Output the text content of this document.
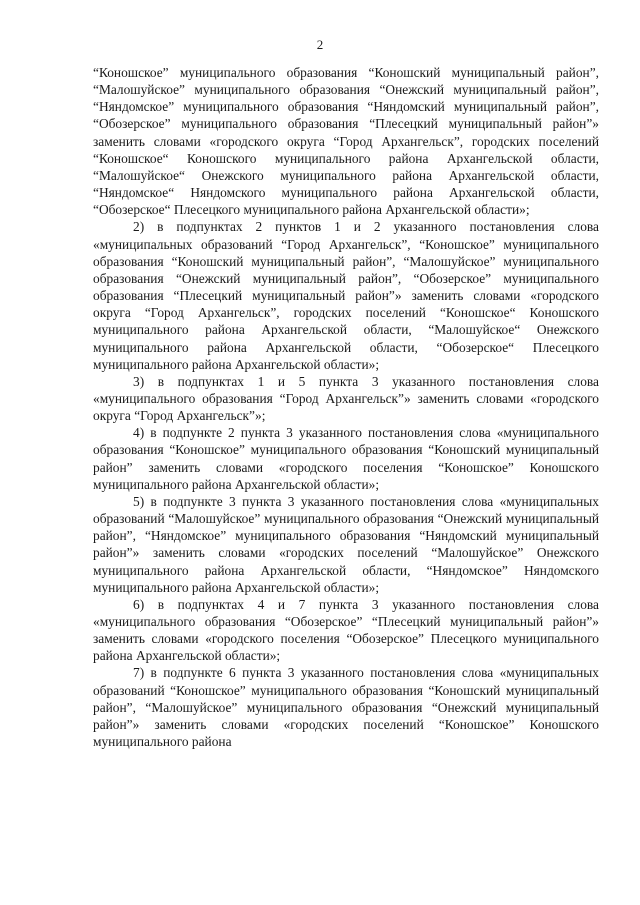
2

“Коношское” муниципального образования “Коношский муниципальный район”, “Малошуйское” муниципального образования “Онежский муниципальный район”, “Няндомское” муниципального образования “Няндомский муниципальный район”, “Обозерское” муниципального образования “Плесецкий муниципальный район”» заменить словами «городского округа “Город Архангельск”, городских поселений “Коношское“ Коношского муниципального района Архангельской области, “Малошуйское“ Онежского муниципального района Архангельской области, “Няндомское“ Няндомского муниципального района Архангельской области, “Обозерское“ Плесецкого муниципального района Архангельской области»;

2) в подпунктах 2 пунктов 1 и 2 указанного постановления слова «муниципальных образований “Город Архангельск”, “Коношское” муниципального образования “Коношский муниципальный район”, “Малошуйское” муниципального образования “Онежский муниципальный район”, “Обозерское” муниципального образования “Плесецкий муниципальный район”» заменить словами «городского округа “Город Архангельск”, городских поселений “Коношское“ Коношского муниципального района Архангельской области, “Малошуйское“ Онежского муниципального района Архангельской области, “Обозерское“ Плесецкого муниципального района Архангельской области»;

3) в подпунктах 1 и 5 пункта 3 указанного постановления слова «муниципального образования “Город Архангельск”» заменить словами «городского округа “Город Архангельск”»;

4) в подпункте 2 пункта 3 указанного постановления слова «муниципального образования “Коношское” муниципального образования “Коношский муниципальный район” заменить словами «городского поселения “Коношское” Коношского муниципального района Архангельской области»;

5) в подпункте 3 пункта 3 указанного постановления слова «муниципальных образований “Малошуйское” муниципального образования “Онежский муниципальный район”, “Няндомское” муниципального образования “Няндомский муниципальный район”» заменить словами «городских поселений “Малошуйское” Онежского муниципального района Архангельской области, “Няндомское” Няндомского муниципального района Архангельской области»;

6) в подпунктах 4 и 7 пункта 3 указанного постановления слова «муниципального образования “Обозерское” “Плесецкий муниципальный район”» заменить словами «городского поселения “Обозерское” Плесецкого муниципального района Архангельской области»;

7) в подпункте 6 пункта 3 указанного постановления слова «муниципальных образований “Коношское” муниципального образования “Коношский муниципальный район”, “Малошуйское” муниципального образования “Онежский муниципальный район”» заменить словами «городских поселений “Коношское” Коношского муниципального района
